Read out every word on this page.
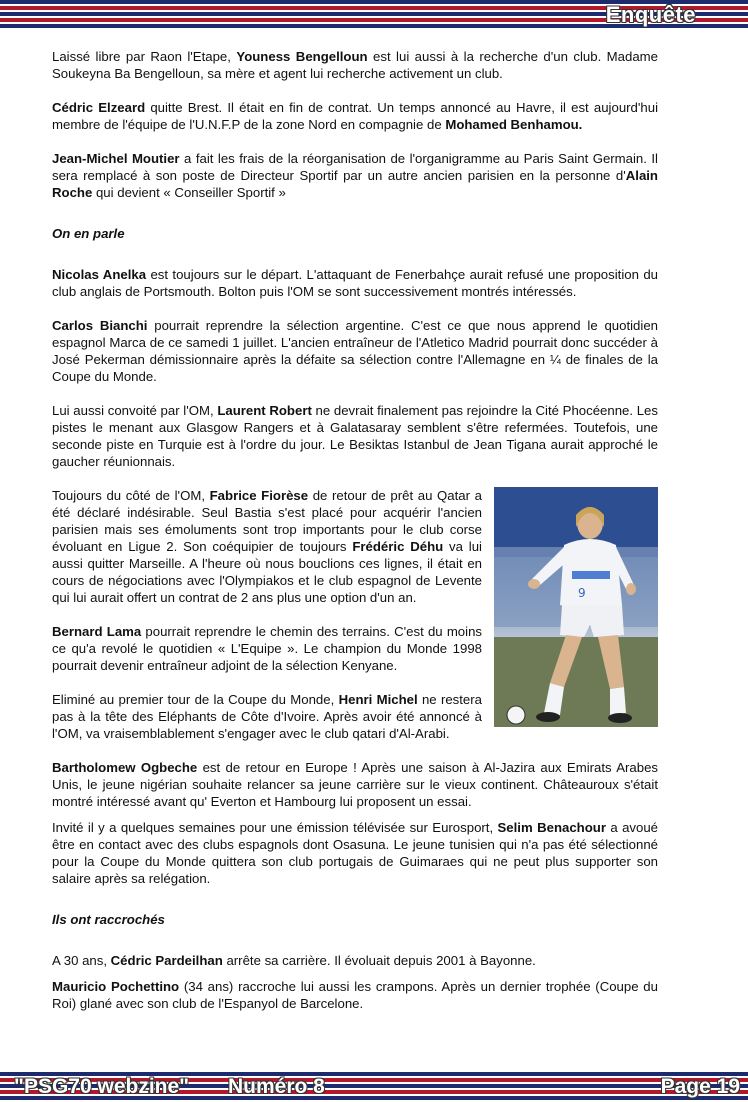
Enquête

Laissé libre par Raon l'Etape, Youness Bengelloun est lui aussi à la recherche d'un club. Madame Soukeyna Ba Bengelloun, sa mère et agent lui recherche activement un club.

Cédric Elzeard quitte Brest. Il était en fin de contrat. Un temps annoncé au Havre, il est aujourd'hui membre de l'équipe de l'U.N.F.P de la zone Nord en compagnie de Mohamed Benhamou.

Jean-Michel Moutier a fait les frais de la réorganisation de l'organigramme au Paris Saint Germain. Il sera remplacé à son poste de Directeur Sportif par un autre ancien parisien en la personne d'Alain Roche qui devient « Conseiller Sportif »

On en parle

Nicolas Anelka est toujours sur le départ. L'attaquant de Fenerbahçe aurait refusé une proposition du club anglais de Portsmouth. Bolton puis l'OM se sont successivement montrés intéressés.

Carlos Bianchi pourrait reprendre la sélection argentine. C'est ce que nous apprend le quotidien espagnol Marca de ce samedi 1 juillet. L'ancien entraîneur de l'Atletico Madrid pourrait donc succéder à José Pekerman démissionnaire après la défaite sa sélection contre l'Allemagne en ¼ de finales de la Coupe du Monde.

Lui aussi convoité par l'OM, Laurent Robert ne devrait finalement pas rejoindre la Cité Phocéenne. Les pistes le menant aux Glasgow Rangers et à Galatasaray semblent s'être refermées. Toutefois, une seconde piste en Turquie est à l'ordre du jour. Le Besiktas Istanbul de Jean Tigana aurait approché le gaucher réunionnais.

9

Toujours du côté de l'OM, Fabrice Fiorèse de retour de prêt au Qatar a été déclaré indésirable. Seul Bastia s'est placé pour acquérir l'ancien parisien mais ses émoluments sont trop importants pour le club corse évoluant en Ligue 2. Son coéquipier de toujours Frédéric Déhu va lui aussi quitter Marseille. A l'heure où nous bouclions ces lignes, il était en cours de négociations avec l'Olympiakos et le club espagnol de Levente qui lui aurait offert un contrat de 2 ans plus une option d'un an.

Bernard Lama pourrait reprendre le chemin des terrains. C'est du moins ce qu'a revolé le quotidien « L'Equipe ». Le champion du Monde 1998 pourrait devenir entraîneur adjoint de la sélection Kenyane.

Eliminé au premier tour de la Coupe du Monde, Henri Michel ne restera pas à la tête des Eléphants de Côte d'Ivoire. Après avoir été annoncé à l'OM, va vraisemblablement s'engager avec le club qatari d'Al-Arabi.

Bartholomew Ogbeche est de retour en Europe ! Après une saison à Al-Jazira aux Emirats Arabes Unis, le jeune nigérian souhaite relancer sa jeune carrière sur le vieux continent. Châteauroux s'était montré intéressé avant qu' Everton et Hambourg lui proposent un essai.

Invité il y a quelques semaines pour une émission télévisée sur Eurosport, Selim Benachour a avoué être en contact avec des clubs espagnols dont Osasuna. Le jeune tunisien qui n'a pas été sélectionné pour la Coupe du Monde quittera son club portugais de Guimaraes qui ne peut plus supporter son salaire après sa relégation.

Ils ont raccrochés

A 30 ans, Cédric Pardeilhan arrête sa carrière. Il évoluait depuis 2001 à Bayonne.

Mauricio Pochettino (34 ans) raccroche lui aussi les crampons. Après un dernier trophée (Coupe du Roi) glané avec son club de l'Espanyol de Barcelone.

"PSG70 webzine" Numéro 8	Page 19
